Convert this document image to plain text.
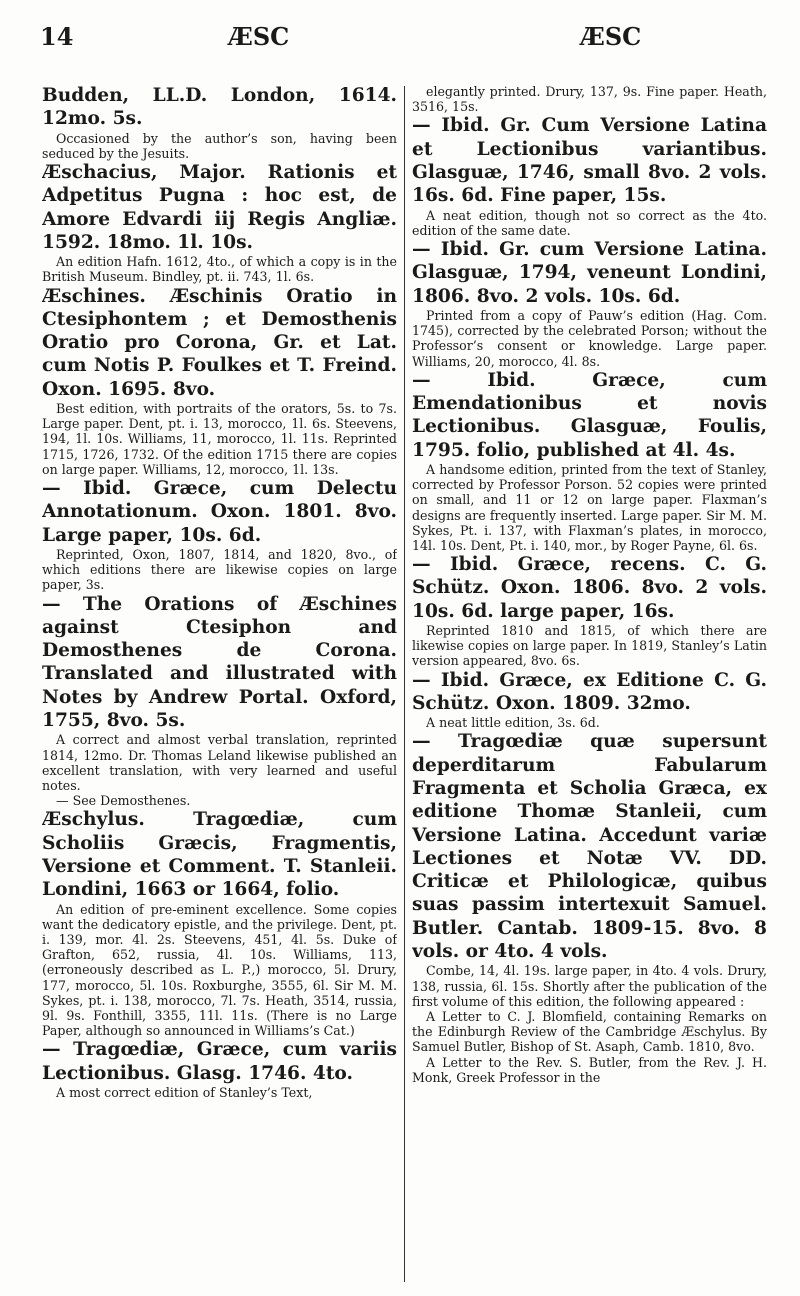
14	ÆSC	ÆSC

Budden, LL.D. London, 1614. 12mo. 5s.

Occasioned by the author’s son, having been seduced by the Jesuits.

Æschacius, Major. Rationis et Adpetitus Pugna : hoc est, de Amore Edvardi iij Regis Angliæ. 1592. 18mo. 1l. 10s.

An edition Hafn. 1612, 4to., of which a copy is in the British Museum. Bindley, pt. ii. 743, 1l. 6s.

Æschines. Æschinis Oratio in Ctesiphontem ; et Demosthenis Oratio pro Corona, Gr. et Lat. cum Notis P. Foulkes et T. Freind. Oxon. 1695. 8vo.

Best edition, with portraits of the orators, 5s. to 7s. Large paper. Dent, pt. i. 13, morocco, 1l. 6s. Steevens, 194, 1l. 10s. Williams, 11, morocco, 1l. 11s. Reprinted 1715, 1726, 1732. Of the edition 1715 there are copies on large paper. Williams, 12, morocco, 1l. 13s.

— Ibid. Græce, cum Delectu Annotationum. Oxon. 1801. 8vo. Large paper, 10s. 6d.

Reprinted, Oxon, 1807, 1814, and 1820, 8vo., of which editions there are likewise copies on large paper, 3s.

— The Orations of Æschines against Ctesiphon and Demosthenes de Corona. Translated and illustrated with Notes by Andrew Portal. Oxford, 1755, 8vo. 5s.

A correct and almost verbal translation, reprinted 1814, 12mo. Dr. Thomas Leland likewise published an excellent translation, with very learned and useful notes.

— See Demosthenes.

Æschylus. Tragœdiæ, cum Scholiis Græcis, Fragmentis, Versione et Comment. T. Stanleii. Londini, 1663 or 1664, folio.

An edition of pre-eminent excellence. Some copies want the dedicatory epistle, and the privilege. Dent, pt. i. 139, mor. 4l. 2s. Steevens, 451, 4l. 5s. Duke of Grafton, 652, russia, 4l. 10s. Williams, 113, (erroneously described as L. P.,) morocco, 5l. Drury, 177, morocco, 5l. 10s. Roxburghe, 3555, 6l. Sir M. M. Sykes, pt. i. 138, morocco, 7l. 7s. Heath, 3514, russia, 9l. 9s. Fonthill, 3355, 11l. 11s. (There is no Large Paper, although so announced in Williams’s Cat.)

— Tragœdiæ, Græce, cum variis Lectionibus. Glasg. 1746. 4to.

A most correct edition of Stanley’s Text,

elegantly printed. Drury, 137, 9s. Fine paper. Heath, 3516, 15s.

— Ibid. Gr. Cum Versione Latina et Lectionibus variantibus. Glasguæ, 1746, small 8vo. 2 vols. 16s. 6d. Fine paper, 15s.

A neat edition, though not so correct as the 4to. edition of the same date.

— Ibid. Gr. cum Versione Latina. Glasguæ, 1794, veneunt Londini, 1806. 8vo. 2 vols. 10s. 6d.

Printed from a copy of Pauw’s edition (Hag. Com. 1745), corrected by the celebrated Porson; without the Professor’s consent or knowledge. Large paper. Williams, 20, morocco, 4l. 8s.

— Ibid. Græce, cum Emendationibus et novis Lectionibus. Glasguæ, Foulis, 1795. folio, published at 4l. 4s.

A handsome edition, printed from the text of Stanley, corrected by Professor Porson. 52 copies were printed on small, and 11 or 12 on large paper. Flaxman’s designs are frequently inserted. Large paper. Sir M. M. Sykes, Pt. i. 137, with Flaxman’s plates, in morocco, 14l. 10s. Dent, Pt. i. 140, mor., by Roger Payne, 6l. 6s.

— Ibid. Græce, recens. C. G. Schütz. Oxon. 1806. 8vo. 2 vols. 10s. 6d. large paper, 16s.

Reprinted 1810 and 1815, of which there are likewise copies on large paper. In 1819, Stanley’s Latin version appeared, 8vo. 6s.

— Ibid. Græce, ex Editione C. G. Schütz. Oxon. 1809. 32mo.

A neat little edition, 3s. 6d.

— Tragœdiæ quæ supersunt deperditarum Fabularum Fragmenta et Scholia Græca, ex editione Thomæ Stanleii, cum Versione Latina. Accedunt variæ Lectiones et Notæ VV. DD. Criticæ et Philologicæ, quibus suas passim intertexuit Samuel. Butler. Cantab. 1809-15. 8vo. 8 vols. or 4to. 4 vols.

Combe, 14, 4l. 19s. large paper, in 4to. 4 vols. Drury, 138, russia, 6l. 15s. Shortly after the publication of the first volume of this edition, the following appeared :

A Letter to C. J. Blomfield, containing Remarks on the Edinburgh Review of the Cambridge Æschylus. By Samuel Butler, Bishop of St. Asaph, Camb. 1810, 8vo.

A Letter to the Rev. S. Butler, from the Rev. J. H. Monk, Greek Professor in the
